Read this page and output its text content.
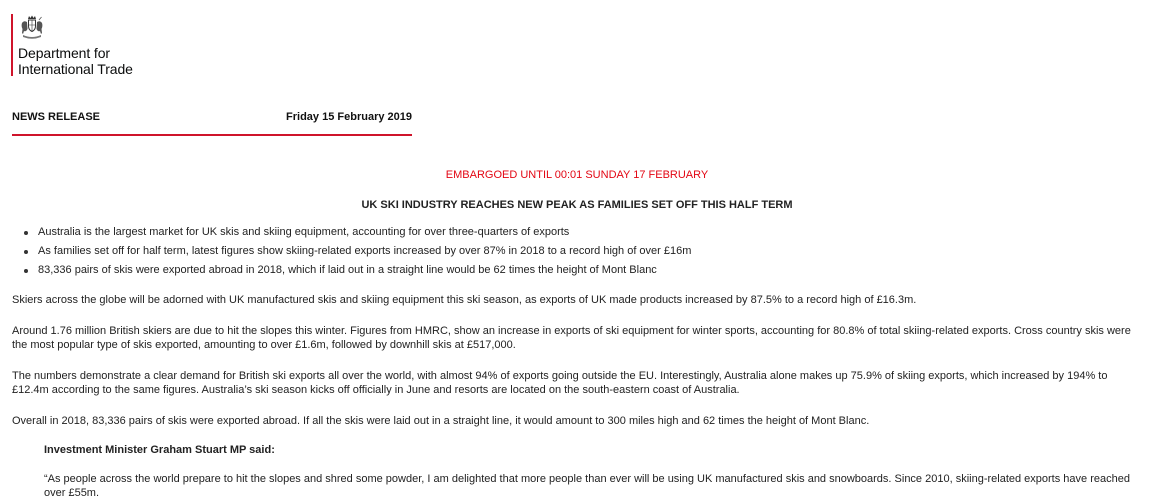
Department for
International Trade
NEWS RELEASE	Friday 15 February 2019
EMBARGOED UNTIL 00:01 SUNDAY 17 FEBRUARY
UK SKI INDUSTRY REACHES NEW PEAK AS FAMILIES SET OFF THIS HALF TERM
Australia is the largest market for UK skis and skiing equipment, accounting for over three-quarters of exports
As families set off for half term, latest figures show skiing-related exports increased by over 87% in 2018 to a record high of over £16m
83,336 pairs of skis were exported abroad in 2018, which if laid out in a straight line would be 62 times the height of Mont Blanc

Skiers across the globe will be adorned with UK manufactured skis and skiing equipment this ski season, as exports of UK made products increased by 87.5% to a record high of £16.3m.

Around 1.76 million British skiers are due to hit the slopes this winter. Figures from HMRC, show an increase in exports of ski equipment for winter sports, accounting for 80.8% of total skiing-related exports. Cross country skis were the most popular type of skis exported, amounting to over £1.6m, followed by downhill skis at £517,000.

The numbers demonstrate a clear demand for British ski exports all over the world, with almost 94% of exports going outside the EU. Interestingly, Australia alone makes up 75.9% of skiing exports, which increased by 194% to £12.4m according to the same figures. Australia’s ski season kicks off officially in June and resorts are located on the south-eastern coast of Australia.

Overall in 2018, 83,336 pairs of skis were exported abroad. If all the skis were laid out in a straight line, it would amount to 300 miles high and 62 times the height of Mont Blanc.

Investment Minister Graham Stuart MP said:

“As people across the world prepare to hit the slopes and shred some powder, I am delighted that more people than ever will be using UK manufactured skis and snowboards. Since 2010, skiing-related exports have reached over £55m.
